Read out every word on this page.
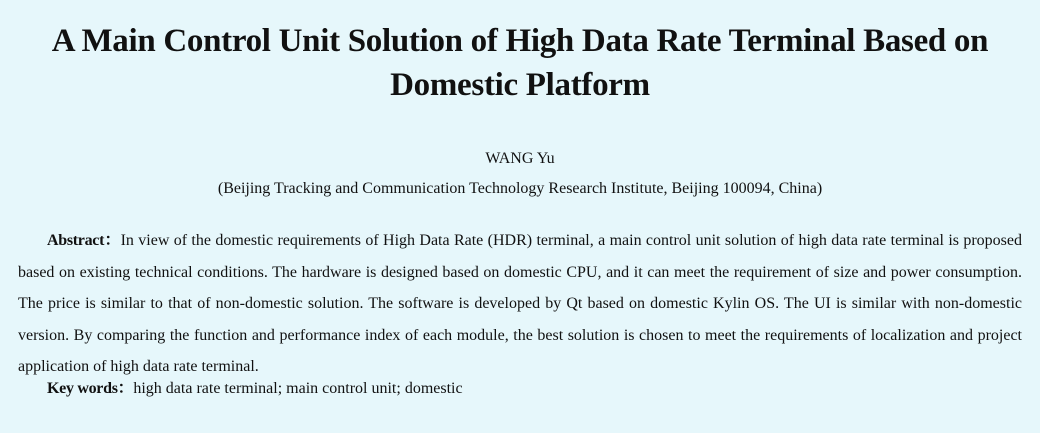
A Main Control Unit Solution of High Data Rate Terminal Based on
Domestic Platform
WANG Yu
(Beijing Tracking and Communication Technology Research Institute, Beijing 100094, China)
Abstract：In view of the domestic requirements of High Data Rate (HDR) terminal, a main control unit solution of high data rate terminal is proposed based on existing technical conditions. The hardware is designed based on domestic CPU, and it can meet the requirement of size and power consumption. The price is similar to that of non-domestic solution. The software is developed by Qt based on domestic Kylin OS. The UI is similar with non-domestic version. By comparing the function and performance index of each module, the best solution is chosen to meet the requirements of localization and project application of high data rate terminal.
Key words：high data rate terminal; main control unit; domestic
